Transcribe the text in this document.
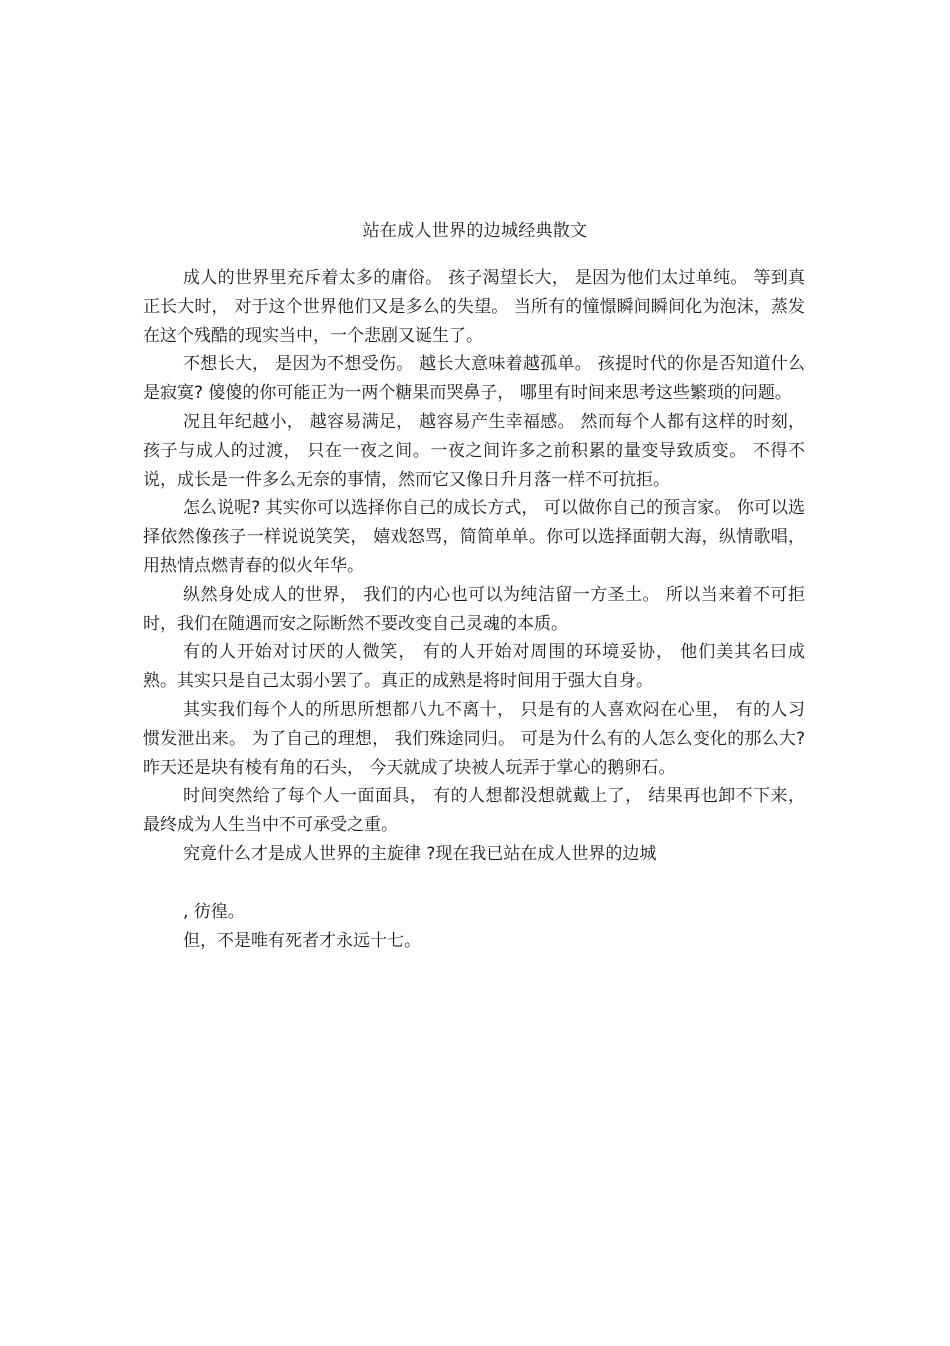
站在成人世界的边城经典散文

成人的世界里充斥着太多的庸俗。 孩子渴望长大， 是因为他们太过单纯。 等到真正长大时， 对于这个世界他们又是多么的失望。 当所有的憧憬瞬间瞬间化为泡沫，蒸发在这个残酷的现实当中，一个悲剧又诞生了。

不想长大， 是因为不想受伤。 越长大意味着越孤单。 孩提时代的你是否知道什么是寂寞? 傻傻的你可能正为一两个糖果而哭鼻子， 哪里有时间来思考这些繁琐的问题。

况且年纪越小， 越容易满足， 越容易产生幸福感。 然而每个人都有这样的时刻，孩子与成人的过渡， 只在一夜之间。一夜之间许多之前积累的量变导致质变。 不得不说，成长是一件多么无奈的事情，然而它又像日升月落一样不可抗拒。

怎么说呢? 其实你可以选择你自己的成长方式， 可以做你自己的预言家。 你可以选择依然像孩子一样说说笑笑， 嬉戏怒骂，简简单单。你可以选择面朝大海，纵情歌唱，用热情点燃青春的似火年华。

纵然身处成人的世界， 我们的内心也可以为纯洁留一方圣土。 所以当来着不可拒时，我们在随遇而安之际断然不要改变自己灵魂的本质。

有的人开始对讨厌的人微笑， 有的人开始对周围的环境妥协， 他们美其名曰成熟。其实只是自己太弱小罢了。真正的成熟是将时间用于强大自身。

其实我们每个人的所思所想都八九不离十， 只是有的人喜欢闷在心里， 有的人习惯发泄出来。 为了自己的理想， 我们殊途同归。 可是为什么有的人怎么变化的那么大? 昨天还是块有棱有角的石头， 今天就成了块被人玩弄于掌心的鹅卵石。

时间突然给了每个人一面面具， 有的人想都没想就戴上了， 结果再也卸不下来，最终成为人生当中不可承受之重。

究竟什么才是成人世界的主旋律 ?现在我已站在成人世界的边城

, 彷徨。

但，不是唯有死者才永远十七。
